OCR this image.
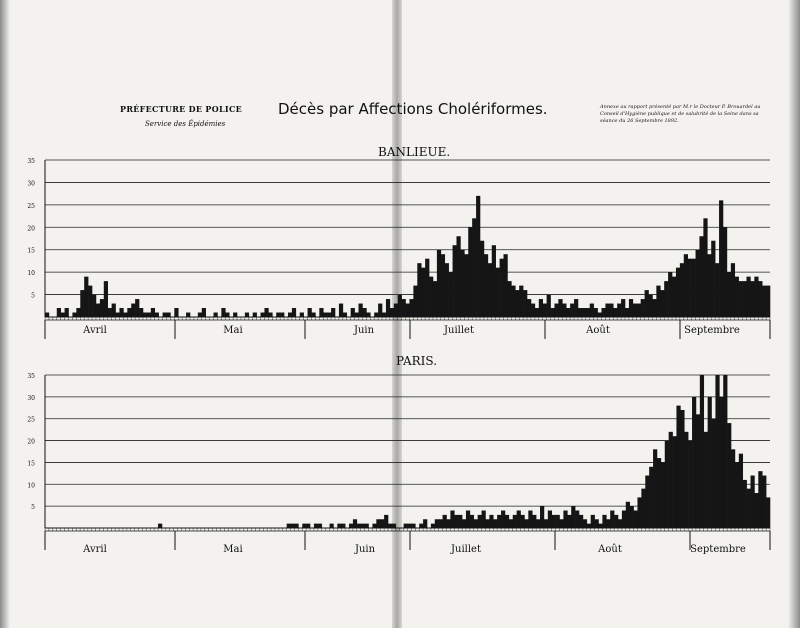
PRÉFECTURE DE POLICE
Service des Épidémies
Décès par Affections Cholériformes.	Annexe au rapport présenté par M.r le Docteur P. Brouardel au Conseil d'Hygiène publique et de salubrité de la Seine dans sa séance du 26 Septembre 1892.
BANLIEUE.
PARIS.
5
10
15
20
25
30
35
Avril	Mai	Juin	Juillet	Août	Septembre
5
10
15
20
25
30
35
Avril	Mai	Juin	Juillet	Août	Septembre
